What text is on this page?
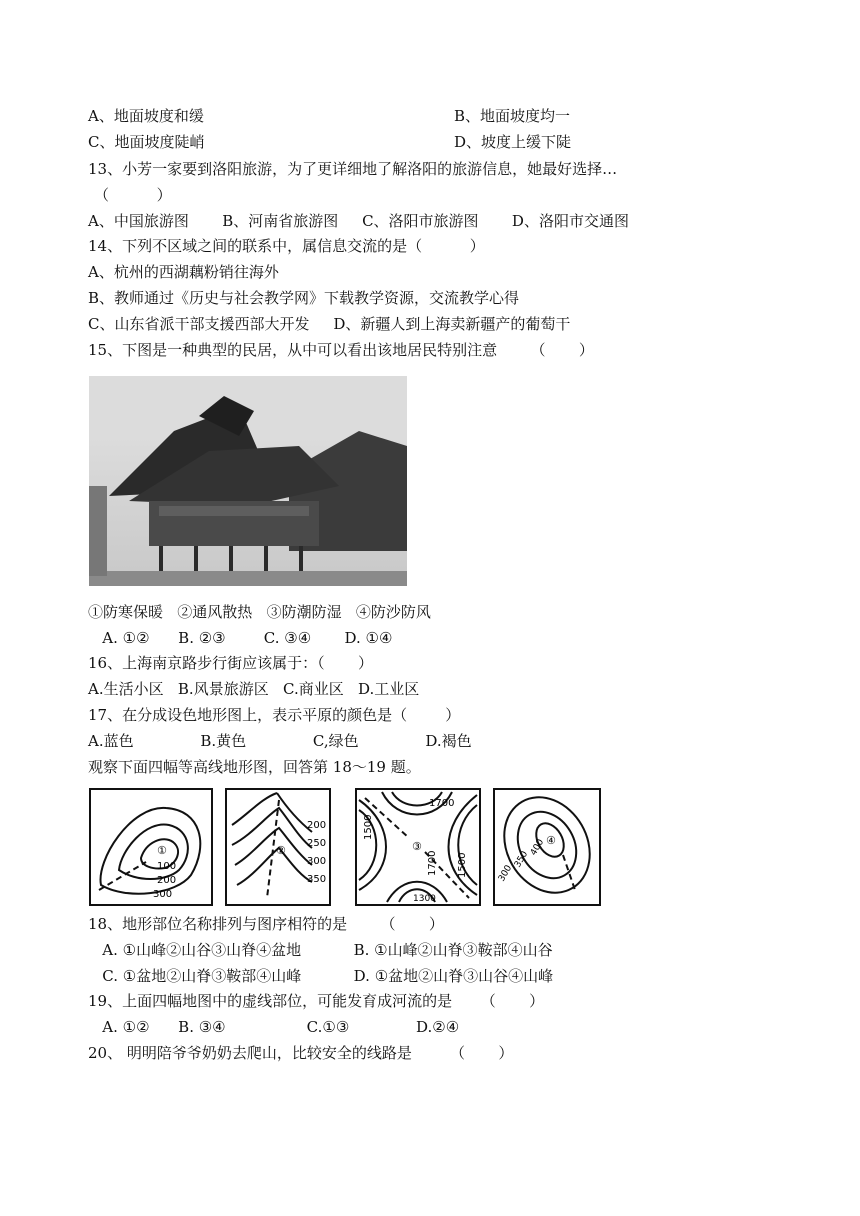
A、地面坡度和缓	B、地面坡度均一
C、地面坡度陡峭	D、坡度上缓下陡
13、小芳一家要到洛阳旅游，为了更详细地了解洛阳的旅游信息，她最好选择…
（          ）
A、中国旅游图       B、河南省旅游图     C、洛阳市旅游图       D、洛阳市交通图
14、下列不区域之间的联系中，属信息交流的是（          ）
A、杭州的西湖藕粉销往海外
B、教师通过《历史与社会教学网》下载教学资源，交流教学心得
C、山东省派干部支援西部大开发     D、新疆人到上海卖新疆产的葡萄干
15、下图是一种典型的民居，从中可以看出该地居民特别注意       （       ）
①防寒保暖   ②通风散热   ③防潮防湿   ④防沙防风
A. ①②      B. ②③        C. ③④       D. ①④
16、上海南京路步行街应该属于：（       ）
A.生活小区   B.风景旅游区   C.商业区   D.工业区
17、在分成设色地形图上，表示平原的颜色是（        ）
A.蓝色              B.黄色              C,绿色              D.褐色
观察下面四幅等高线地形图，回答第 18～19 题。
①
100
200
300
②
200
250
300
350
1700
1500
③
1700 1500
1300
④
400
350
300
18、地形部位名称排列与图序相符的是       （       ）
A. ①山峰②山谷③山脊④盆地           B. ①山峰②山脊③鞍部④山谷
C. ①盆地②山脊③鞍部④山峰           D. ①盆地②山脊③山谷④山峰
19、上面四幅地图中的虚线部位，可能发育成河流的是      （       ）
A. ①②      B. ③④                 C.①③              D.②④
20、 明明陪爷爷奶奶去爬山，比较安全的线路是        （       ）
